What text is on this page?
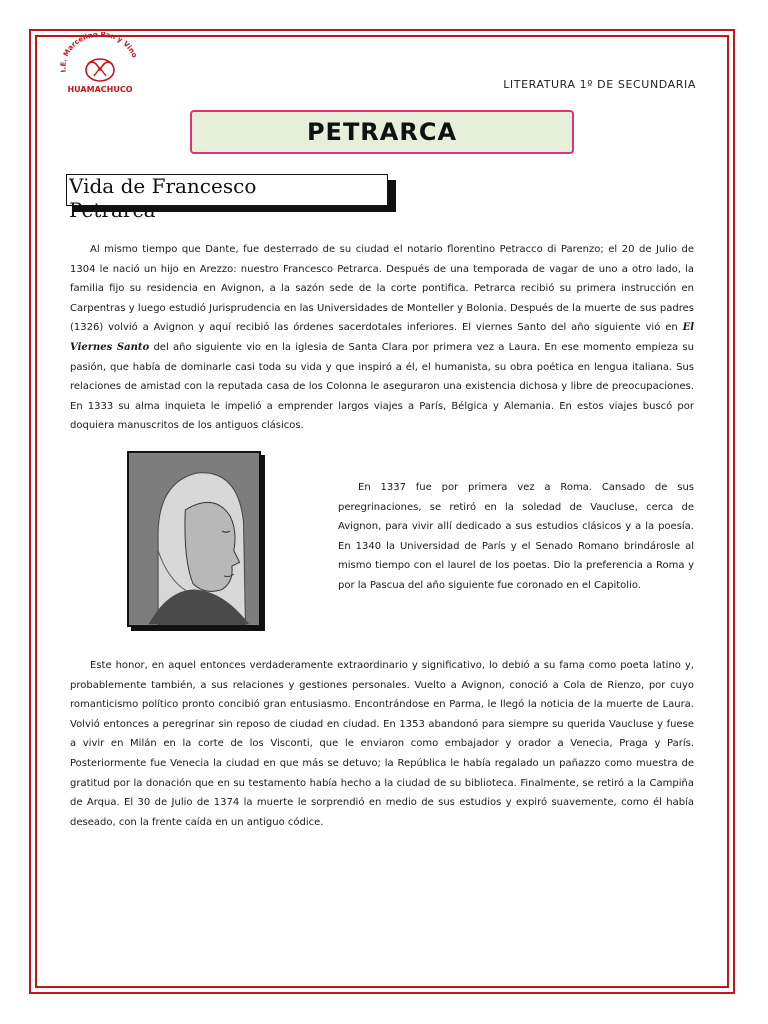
I.E. Marcelino Pan y Vino
HUAMACHUCO	LITERATURA 1º DE SECUNDARIA
PETRARCA
Vida de Francesco Petrarca

Al mismo tiempo que Dante, fue desterrado de su ciudad el notario florentino Petracco di Parenzo; el 20 de Julio de 1304 le nació un hijo en Arezzo: nuestro Francesco Petrarca. Después de una temporada de vagar de uno a otro lado, la familia fijo su residencia en Avignon, a la sazón sede de la corte pontifica. Petrarca recibió su primera instrucción en Carpentras y luego estudió Jurisprudencia en las Universidades de Monteller y Bolonia. Después de la muerte de sus padres (1326) volvió a Avignon y aquí recibió las órdenes sacerdotales inferiores. El viernes Santo del año siguiente vió en El Viernes Santo del año siguiente vio en la iglesia de Santa Clara por primera vez a Laura. En ese momento empieza su pasión, que había de dominarle casi toda su vida y que inspiró a él, el humanista, su obra poética en lengua italiana. Sus relaciones de amistad con la reputada casa de los Colonna le aseguraron una existencia dichosa y libre de preocupaciones. En 1333 su alma inquieta le impelió a emprender largos viajes a París, Bélgica y Alemania. En estos viajes buscó por doquiera manuscritos de los antiguos clásicos.

En 1337 fue por primera vez a Roma. Cansado de sus peregrinaciones, se retiró en la soledad de Vaucluse, cerca de Avignon, para vivir allí dedicado a sus estudios clásicos y a la poesía. En 1340 la Universidad de París y el Senado Romano brindárosle al mismo tiempo con el laurel de los poetas. Dio la preferencia a Roma y por la Pascua del año siguiente fue coronado en el Capitolio.

Este honor, en aquel entonces verdaderamente extraordinario y significativo, lo debió a su fama como poeta latino y, probablemente también, a sus relaciones y gestiones personales. Vuelto a Avignon, conoció a Cola de Rienzo, por cuyo romanticismo político pronto concibió gran entusiasmo. Encontrándose en Parma, le llegó la noticia de la muerte de Laura. Volvió entonces a peregrinar sin reposo de ciudad en ciudad. En 1353 abandonó para siempre su querida Vaucluse y fuese a vivir en Milán en la corte de los Visconti, que le enviaron como embajador y orador a Venecia, Praga y París. Posteriormente fue Venecia la ciudad en que más se detuvo; la República le había regalado un pañazzo como muestra de gratitud por la donación que en su testamento había hecho a la ciudad de su biblioteca. Finalmente, se retiró a la Campiña de Arqua. El 30 de Julio de 1374 la muerte le sorprendió en medio de sus estudios y expiró suavemente, como él había deseado, con la frente caída en un antiguo códice.
